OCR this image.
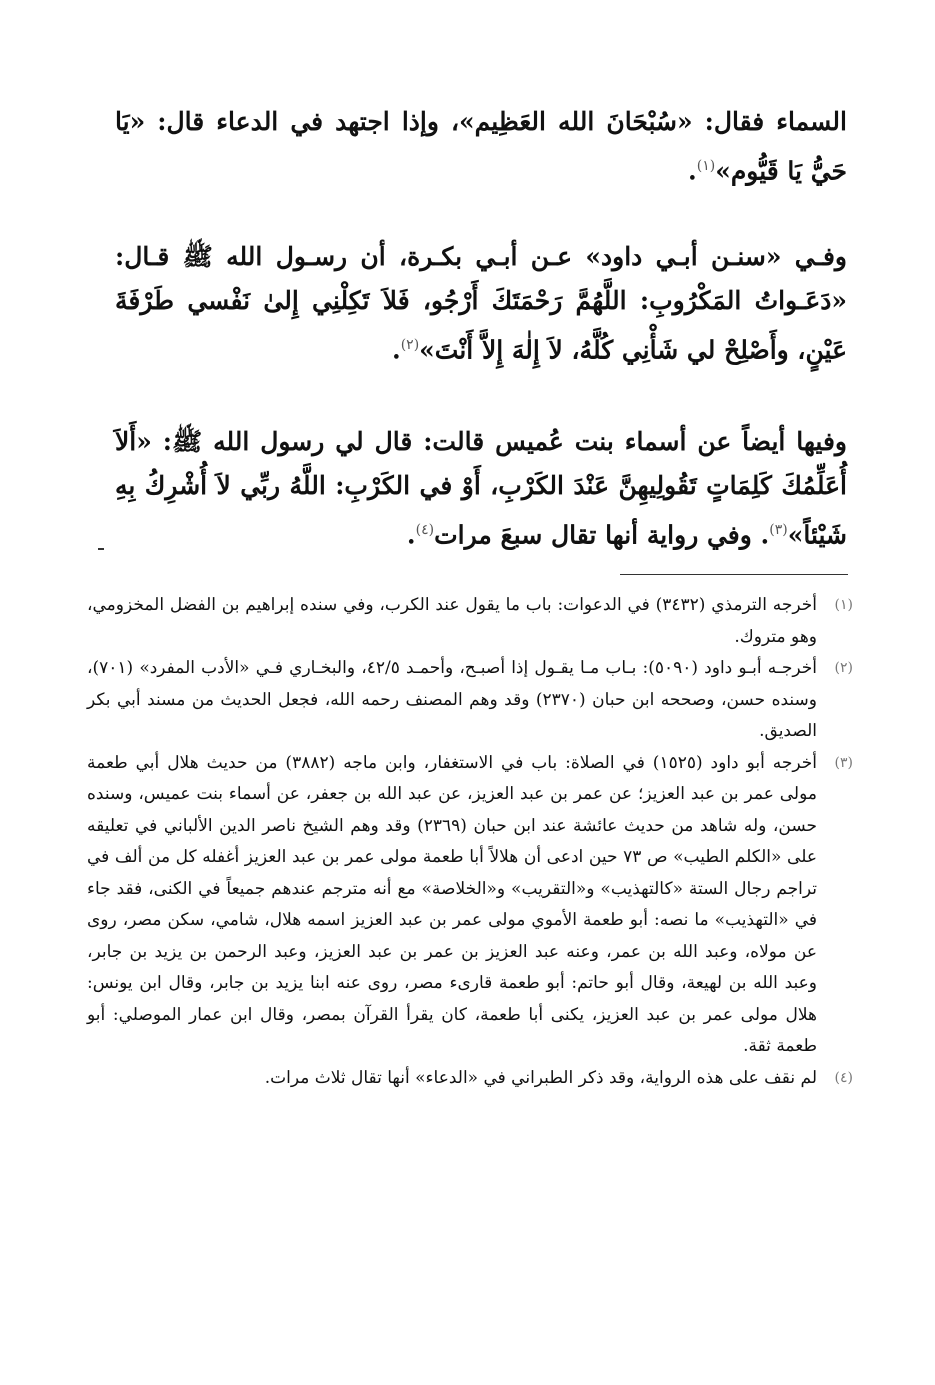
السماء فقال: «سُبْحَانَ الله العَظِيم»، وإذا اجتهد في الدعاء قال: «يَا حَيُّ يَا قَيُّوم»$^{(١)}$.

وفـي «سنـن أبـي داود» عـن أبـي بكـرة، أن رسـول الله ﷺ قـال: «دَعَـواتُ المَكْرُوبِ: اللَّهُمَّ رَحْمَتَكَ أَرْجُو، فَلاَ تَكِلْنِي إِلىٰ نَفْسي طَرْفَةَ عَيْنٍ، وأَصْلِحْ لي شَأْنِي كُلَّهُ، لاَ إِلٰهَ إِلاَّ أَنْتَ»$^{(٢)}$.

وفيها أيضاً عن أسماء بنت عُميس قالت: قال لي رسول الله ﷺ: «أَلاَ أُعَلِّمُكَ كَلِمَاتٍ تَقُولِيهِنَّ عَنْدَ الكَرْبِ، أَوْ في الكَرْبِ: اللَّهُ ربِّي لاَ أُشْرِكُ بِهِ شَيْئاً»$^{(٣)}$. وفي رواية أنها تقال سبعَ مرات$^{(٤)}$.

(١)
أخرجه الترمذي (٣٤٣٢) في الدعوات: باب ما يقول عند الكرب، وفي سنده إبراهيم بن الفضل المخزومي، وهو متروك.

(٢)
أخرجـه أبـو داود (٥٠٩٠): بـاب مـا يقـول إذا أصبـح، وأحمـد ٤٢/٥، والبخـاري فـي «الأدب المفرد» (٧٠١)، وسنده حسن، وصححه ابن حبان (٢٣٧٠) وقد وهم المصنف رحمه الله، فجعل الحديث من مسند أبي بكر الصديق.

(٣)
أخرجه أبو داود (١٥٢٥) في الصلاة: باب في الاستغفار، وابن ماجه (٣٨٨٢) من حديث هلال أبي طعمة مولى عمر بن عبد العزيز؛ عن عمر بن عبد العزيز، عن عبد الله بن جعفر، عن أسماء بنت عميس، وسنده حسن، وله شاهد من حديث عائشة عند ابن حبان (٢٣٦٩) وقد وهم الشيخ ناصر الدين الألباني في تعليقه على «الكلم الطيب» ص ٧٣ حين ادعى أن هلالاً أبا طعمة مولى عمر بن عبد العزيز أغفله كل من ألف في تراجم رجال الستة «كالتهذيب» و«التقريب» و«الخلاصة» مع أنه مترجم عندهم جميعاً في الكنى، فقد جاء في «التهذيب» ما نصه: أبو طعمة الأموي مولى عمر بن عبد العزيز اسمه هلال، شامي، سكن مصر، روى عن مولاه، وعبد الله بن عمر، وعنه عبد العزيز بن عمر بن عبد العزيز، وعبد الرحمن بن يزيد بن جابر، وعبد الله بن لهيعة، وقال أبو حاتم: أبو طعمة قارىء مصر، روى عنه ابنا يزيد بن جابر، وقال ابن يونس: هلال مولى عمر بن عبد العزيز، يكنى أبا طعمة، كان يقرأ القرآن بمصر، وقال ابن عمار الموصلي: أبو طعمة ثقة.

(٤)
لم نقف على هذه الرواية، وقد ذكر الطبراني في «الدعاء» أنها تقال ثلاث مرات.
